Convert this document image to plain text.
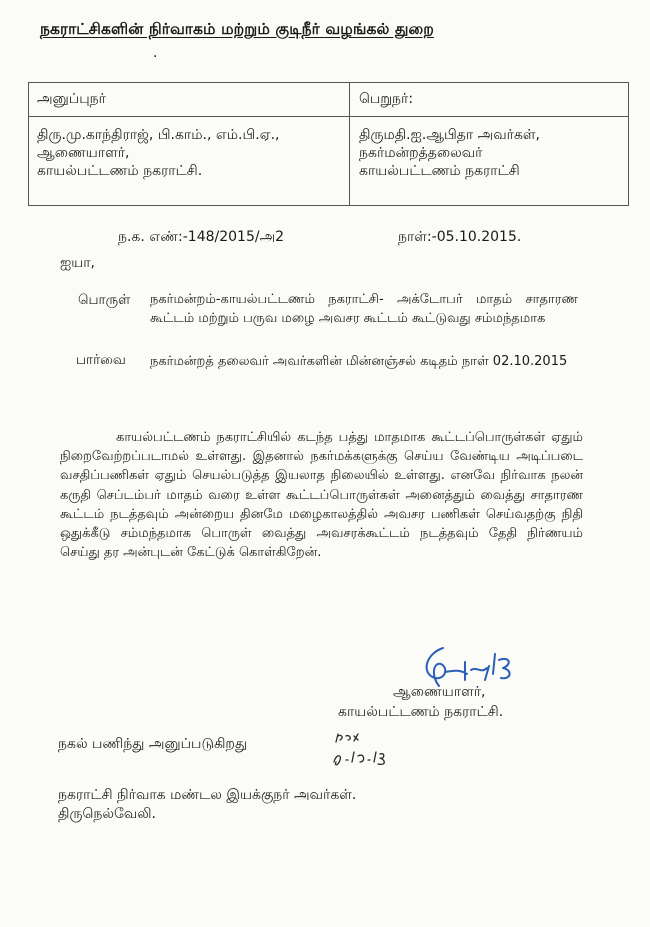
நகராட்சிகளின் நிர்வாகம் மற்றும் குடிநீர் வழங்கல் துறை
·
அனுப்புநர்	பெறுநர்:
திரு.மு.காந்திராஜ், பி.காம்., எம்.பி.ஏ.,
ஆணையாளர்,
காயல்பட்டணம் நகராட்சி.
திருமதி.ஐ.ஆபிதா அவர்கள்,
நகர்மன்றத்தலைவர்
காயல்பட்டணம் நகராட்சி
ந.க. எண்:-148/2015/அ2	நாள்:-05.10.2015.
ஐயா,
பொருள் நகர்மன்றம்-காயல்பட்டணம் நகராட்சி- அக்டோபர் மாதம் சாதாரண கூட்டம் மற்றும் பருவ மழை அவசர கூட்டம் கூட்டுவது சம்மந்தமாக
பார்வை நகர்மன்றத் தலைவர் அவர்களின் மின்னஞ்சல் கடிதம் நாள் 02.10.2015
காயல்பட்டணம் நகராட்சியில் கடந்த பத்து மாதமாக கூட்டப்பொருள்கள் ஏதும் நிறைவேற்றப்படாமல் உள்ளது. இதனால் நகர்மக்களுக்கு செய்ய வேண்டிய அடிப்படை வசதிப்பணிகள் ஏதும் செயல்படுத்த இயலாத நிலையில் உள்ளது. எனவே நிர்வாக நலன் கருதி செப்டம்பர் மாதம் வரை உள்ள கூட்டப்பொருள்கள் அனைத்தும் வைத்து சாதாரண கூட்டம் நடத்தவும் அன்றைய தினமே மழைகாலத்தில் அவசர பணிகள் செய்வதற்கு நிதி ஒதுக்கீடு சம்மந்தமாக பொருள் வைத்து அவசரக்கூட்டம் நடத்தவும் தேதி நிர்ணயம் செய்து தர அன்புடன் கேட்டுக் கொள்கிறேன்.
ஆணையாளர்,
காயல்பட்டணம் நகராட்சி.
நகல் பணிந்து அனுப்படுகிறது
நகராட்சி நிர்வாக மண்டல இயக்குநர் அவர்கள்.
திருநெல்வேலி.
